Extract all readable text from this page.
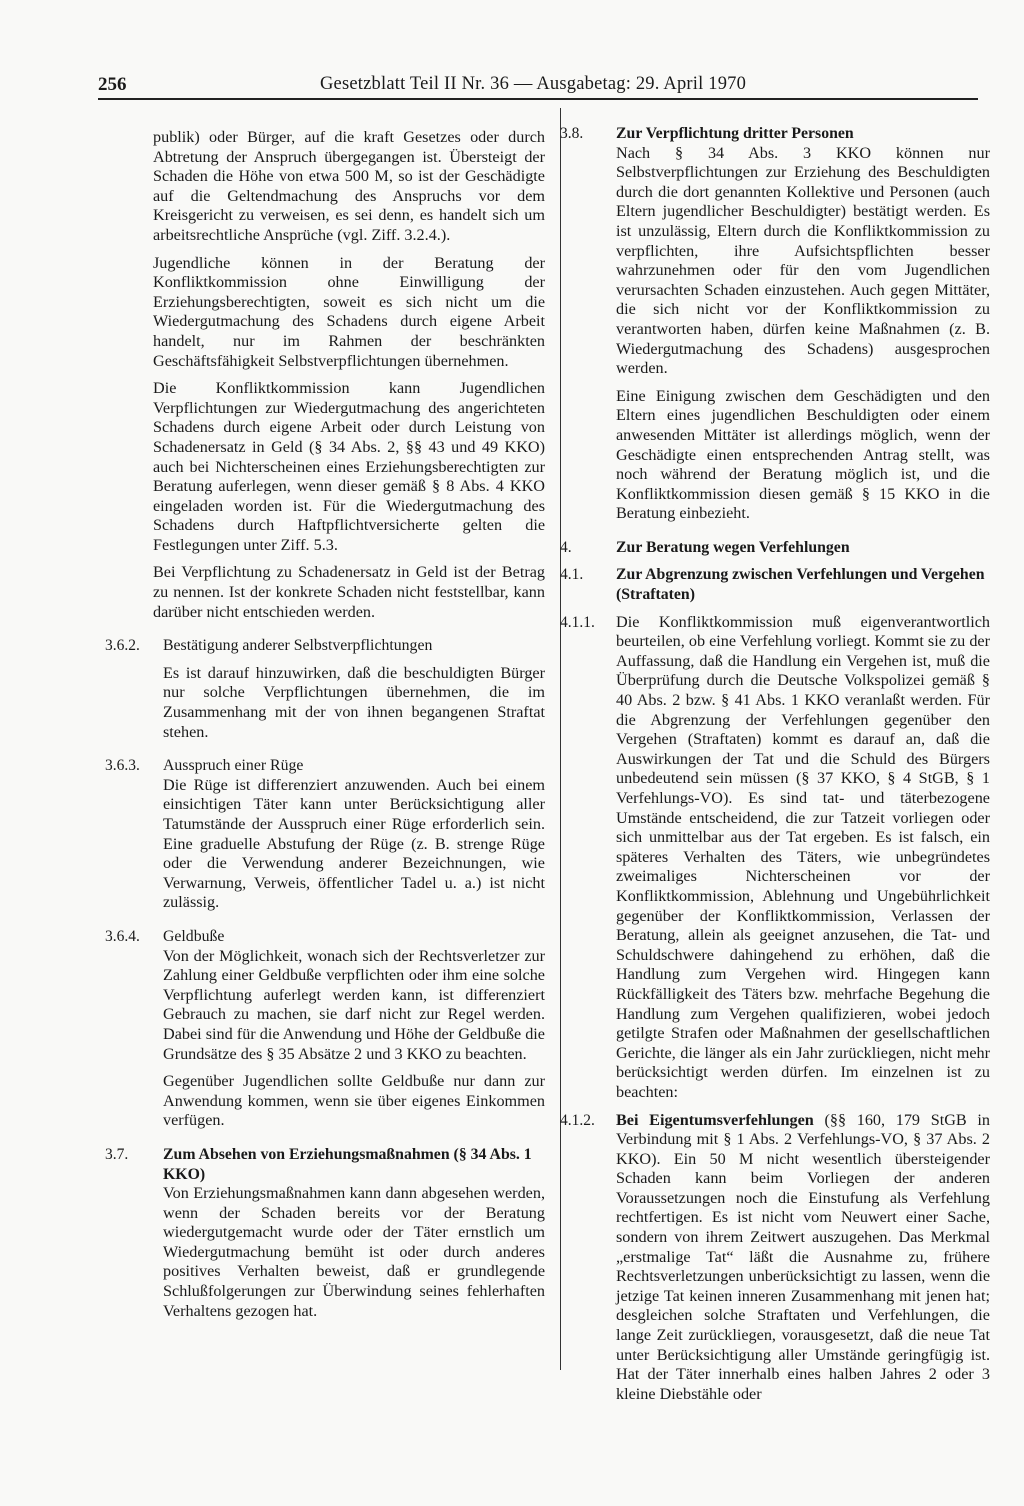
256	Gesetzblatt Teil II Nr. 36 — Ausgabetag: 29. April 1970

publik) oder Bürger, auf die kraft Gesetzes oder durch Abtretung der Anspruch übergegangen ist. Übersteigt der Schaden die Höhe von etwa 500 M, so ist der Geschädigte auf die Geltendmachung des Anspruchs vor dem Kreisgericht zu verweisen, es sei denn, es handelt sich um arbeitsrechtliche Ansprüche (vgl. Ziff. 3.2.4.).

Jugendliche können in der Beratung der Konfliktkommission ohne Einwilligung der Erziehungsberechtigten, soweit es sich nicht um die Wiedergutmachung des Schadens durch eigene Arbeit handelt, nur im Rahmen der beschränkten Geschäftsfähigkeit Selbstverpflichtungen übernehmen.

Die Konfliktkommission kann Jugendlichen Verpflichtungen zur Wiedergutmachung des angerichteten Schadens durch eigene Arbeit oder durch Leistung von Schadenersatz in Geld (§ 34 Abs. 2, §§ 43 und 49 KKO) auch bei Nichterscheinen eines Erziehungsberechtigten zur Beratung auferlegen, wenn dieser gemäß § 8 Abs. 4 KKO eingeladen worden ist. Für die Wiedergutmachung des Schadens durch Haftpflichtversicherte gelten die Festlegungen unter Ziff. 5.3.

Bei Verpflichtung zu Schadenersatz in Geld ist der Betrag zu nennen. Ist der konkrete Schaden nicht feststellbar, kann darüber nicht entschieden werden.

3.6.2.	Bestätigung anderer Selbstverpflichtungen

Es ist darauf hinzuwirken, daß die beschuldigten Bürger nur solche Verpflichtungen übernehmen, die im Zusammenhang mit der von ihnen begangenen Straftat stehen.

3.6.3.	Ausspruch einer Rüge

Die Rüge ist differenziert anzuwenden. Auch bei einem einsichtigen Täter kann unter Berücksichtigung aller Tatumstände der Ausspruch einer Rüge erforderlich sein. Eine graduelle Abstufung der Rüge (z. B. strenge Rüge oder die Verwendung anderer Bezeichnungen, wie Verwarnung, Verweis, öffentlicher Tadel u. a.) ist nicht zulässig.

3.6.4.	Geldbuße

Von der Möglichkeit, wonach sich der Rechtsverletzer zur Zahlung einer Geldbuße verpflichten oder ihm eine solche Verpflichtung auferlegt werden kann, ist differenziert Gebrauch zu machen, sie darf nicht zur Regel werden. Dabei sind für die Anwendung und Höhe der Geldbuße die Grundsätze des § 35 Absätze 2 und 3 KKO zu beachten.

Gegenüber Jugendlichen sollte Geldbuße nur dann zur Anwendung kommen, wenn sie über eigenes Einkommen verfügen.

3.7.	Zum Absehen von Erziehungsmaßnahmen (§ 34 Abs. 1 KKO)

Von Erziehungsmaßnahmen kann dann abgesehen werden, wenn der Schaden bereits vor der Beratung wiedergutgemacht wurde oder der Täter ernstlich um Wiedergutmachung bemüht ist oder durch anderes positives Verhalten beweist, daß er grundlegende Schlußfolgerungen zur Überwindung seines fehlerhaften Verhaltens gezogen hat.

3.8.	Zur Verpflichtung dritter Personen

Nach § 34 Abs. 3 KKO können nur Selbstverpflichtungen zur Erziehung des Beschuldigten durch die dort genannten Kollektive und Personen (auch Eltern jugendlicher Beschuldigter) bestätigt werden. Es ist unzulässig, Eltern durch die Konfliktkommission zu verpflichten, ihre Aufsichtspflichten besser wahrzunehmen oder für den vom Jugendlichen verursachten Schaden einzustehen. Auch gegen Mittäter, die sich nicht vor der Konfliktkommission zu verantworten haben, dürfen keine Maßnahmen (z. B. Wiedergutmachung des Schadens) ausgesprochen werden.

Eine Einigung zwischen dem Geschädigten und den Eltern eines jugendlichen Beschuldigten oder einem anwesenden Mittäter ist allerdings möglich, wenn der Geschädigte einen entsprechenden Antrag stellt, was noch während der Beratung möglich ist, und die Konfliktkommission diesen gemäß § 15 KKO in die Beratung einbezieht.

4.	Zur Beratung wegen Verfehlungen

4.1.	Zur Abgrenzung zwischen Verfehlungen und Vergehen (Straftaten)

4.1.1.	Die Konfliktkommission muß eigenverantwortlich beurteilen, ob eine Verfehlung vorliegt. Kommt sie zu der Auffassung, daß die Handlung ein Vergehen ist, muß die Überprüfung durch die Deutsche Volkspolizei gemäß § 40 Abs. 2 bzw. § 41 Abs. 1 KKO veranlaßt werden. Für die Abgrenzung der Verfehlungen gegenüber den Vergehen (Straftaten) kommt es darauf an, daß die Auswirkungen der Tat und die Schuld des Bürgers unbedeutend sein müssen (§ 37 KKO, § 4 StGB, § 1 Verfehlungs-VO). Es sind tat- und täterbezogene Umstände entscheidend, die zur Tatzeit vorliegen oder sich unmittelbar aus der Tat ergeben. Es ist falsch, ein späteres Verhalten des Täters, wie unbegründetes zweimaliges Nichterscheinen vor der Konfliktkommission, Ablehnung und Ungebührlichkeit gegenüber der Konfliktkommission, Verlassen der Beratung, allein als geeignet anzusehen, die Tat- und Schuldschwere dahingehend zu erhöhen, daß die Handlung zum Vergehen wird. Hingegen kann Rückfälligkeit des Täters bzw. mehrfache Begehung die Handlung zum Vergehen qualifizieren, wobei jedoch getilgte Strafen oder Maßnahmen der gesellschaftlichen Gerichte, die länger als ein Jahr zurückliegen, nicht mehr berücksichtigt werden dürfen. Im einzelnen ist zu beachten:

4.1.2.	Bei Eigentumsverfehlungen (§§ 160, 179 StGB in Verbindung mit § 1 Abs. 2 Verfehlungs-VO, § 37 Abs. 2 KKO). Ein 50 M nicht wesentlich übersteigender Schaden kann beim Vorliegen der anderen Voraussetzungen noch die Einstufung als Verfehlung rechtfertigen. Es ist nicht vom Neuwert einer Sache, sondern von ihrem Zeitwert auszugehen. Das Merkmal „erstmalige Tat“ läßt die Ausnahme zu, frühere Rechtsverletzungen unberücksichtigt zu lassen, wenn die jetzige Tat keinen inneren Zusammenhang mit jenen hat; desgleichen solche Straftaten und Verfehlungen, die lange Zeit zurückliegen, vorausgesetzt, daß die neue Tat unter Berücksichtigung aller Umstände geringfügig ist. Hat der Täter innerhalb eines halben Jahres 2 oder 3 kleine Diebstähle oder
